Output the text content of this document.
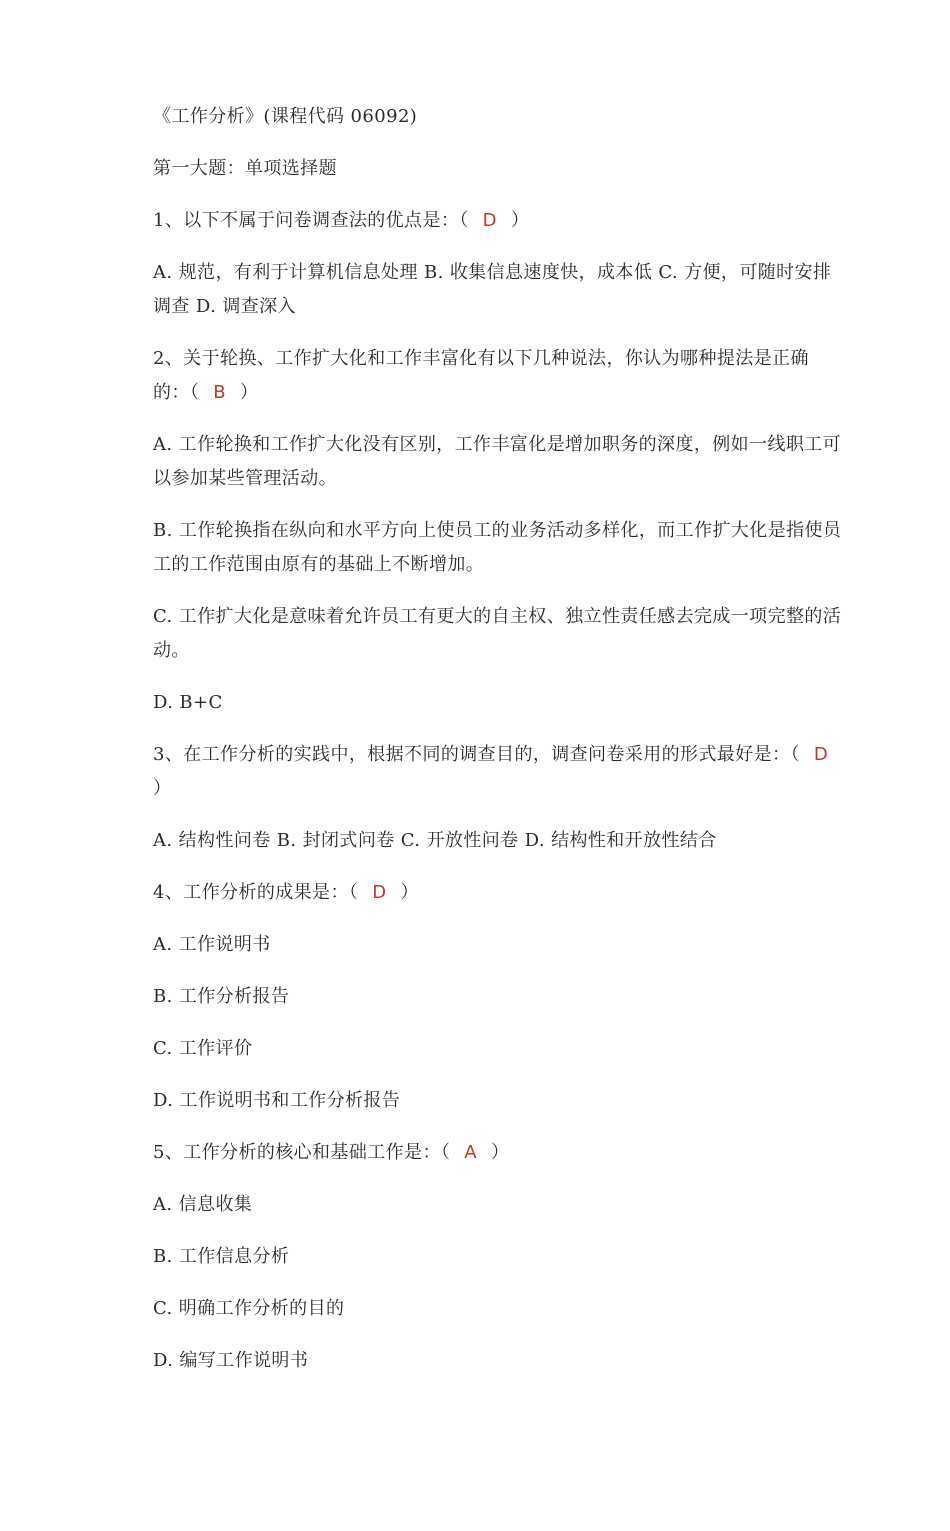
《工作分析》(课程代码 06092)

第一大题：单项选择题

1、以下不属于问卷调查法的优点是：（ D ）

A. 规范，有利于计算机信息处理 B. 收集信息速度快，成本低 C. 方便，可随时安排调查 D. 调查深入

2、关于轮换、工作扩大化和工作丰富化有以下几种说法，你认为哪种提法是正确的：（ B ）

A. 工作轮换和工作扩大化没有区别，工作丰富化是增加职务的深度，例如一线职工可以参加某些管理活动。

B. 工作轮换指在纵向和水平方向上使员工的业务活动多样化，而工作扩大化是指使员工的工作范围由原有的基础上不断增加。

C. 工作扩大化是意味着允许员工有更大的自主权、独立性责任感去完成一项完整的活动。

D. B+C

3、在工作分析的实践中，根据不同的调查目的，调查问卷采用的形式最好是：（ D）

A. 结构性问卷 B. 封闭式问卷 C. 开放性问卷 D. 结构性和开放性结合

4、工作分析的成果是：（ D ）

A. 工作说明书

B. 工作分析报告

C. 工作评价

D. 工作说明书和工作分析报告

5、工作分析的核心和基础工作是：（ A ）

A. 信息收集

B. 工作信息分析

C. 明确工作分析的目的

D. 编写工作说明书
